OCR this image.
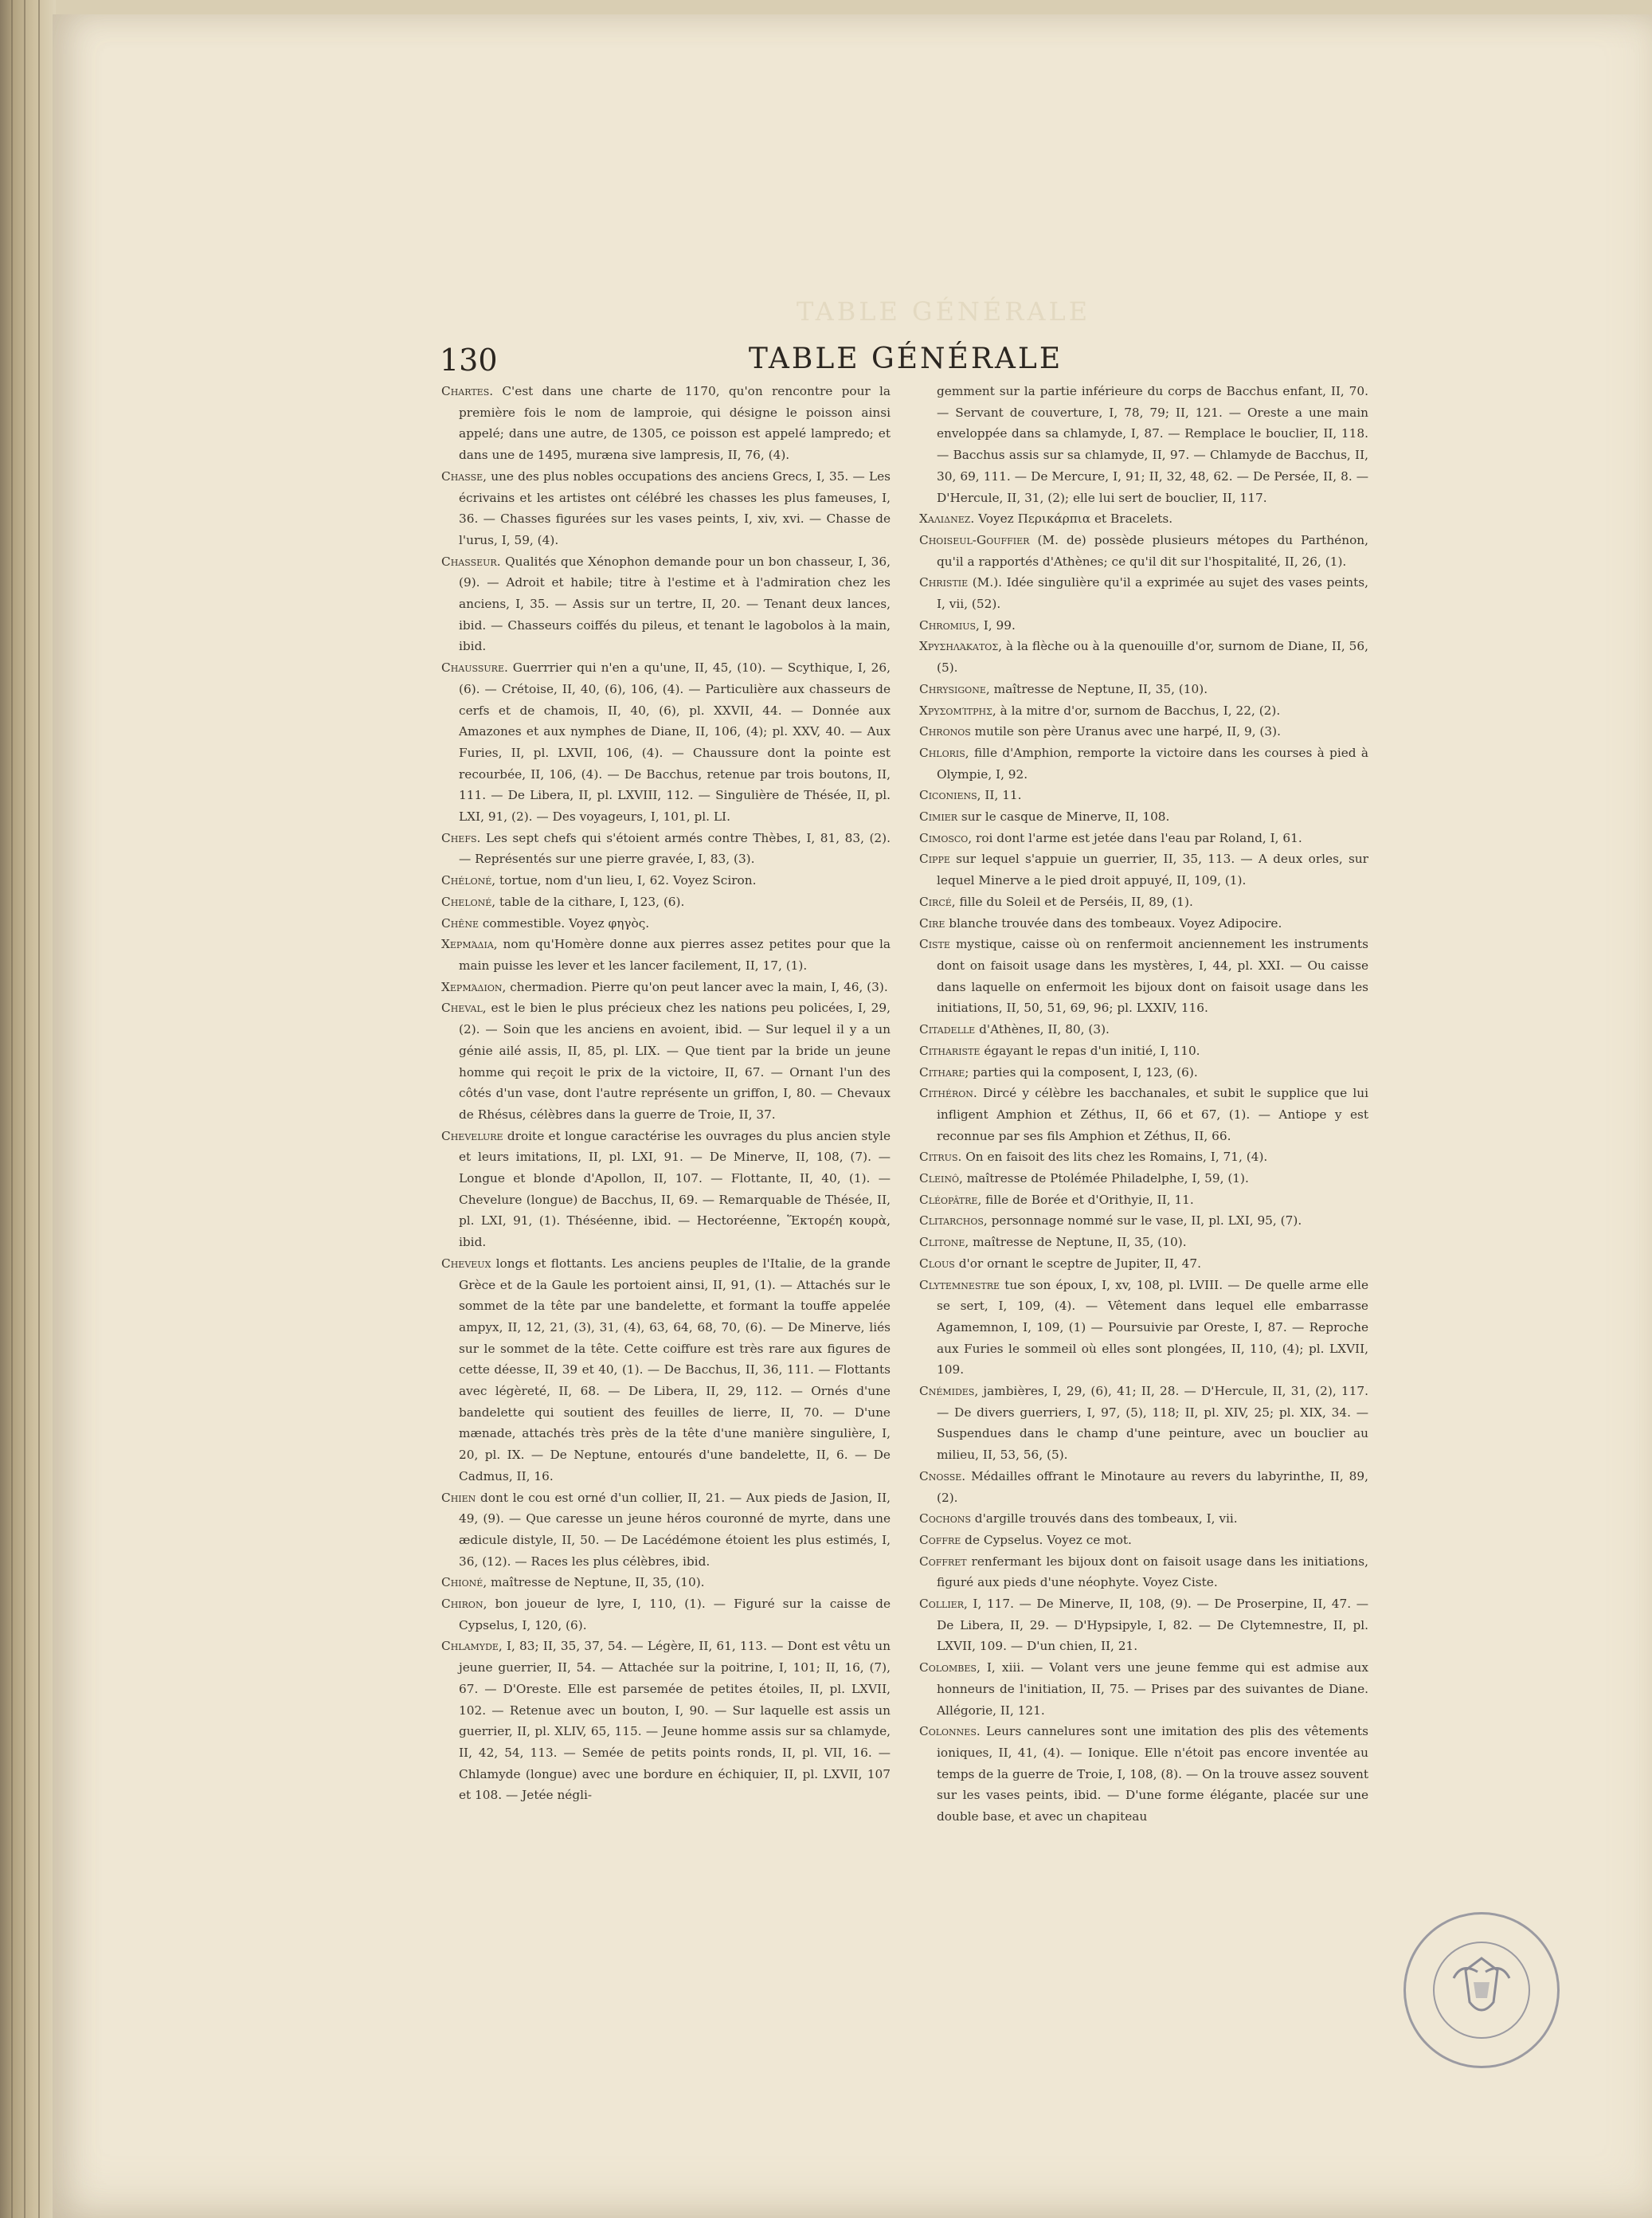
TABLE GÉNÉRALE
TABLE GÉNÉRALE
130

Chartes. C'est dans une charte de 1170, qu'on rencontre pour la première fois le nom de lamproie, qui désigne le poisson ainsi appelé; dans une autre, de 1305, ce poisson est appelé lampredo; et dans une de 1495, muræna sive lampresis, II, 76, (4).

Chasse, une des plus nobles occupations des anciens Grecs, I, 35. — Les écrivains et les artistes ont célébré les chasses les plus fameuses, I, 36. — Chasses figurées sur les vases peints, I, xiv, xvi. — Chasse de l'urus, I, 59, (4).

Chasseur. Qualités que Xénophon demande pour un bon chasseur, I, 36, (9). — Adroit et habile; titre à l'estime et à l'admiration chez les anciens, I, 35. — Assis sur un tertre, II, 20. — Tenant deux lances, ibid. — Chasseurs coiffés du pileus, et tenant le lagobolos à la main, ibid.

Chaussure. Guerrrier qui n'en a qu'une, II, 45, (10). — Scythique, I, 26, (6). — Crétoise, II, 40, (6), 106, (4). — Particulière aux chasseurs de cerfs et de chamois, II, 40, (6), pl. XXVII, 44. — Donnée aux Amazones et aux nymphes de Diane, II, 106, (4); pl. XXV, 40. — Aux Furies, II, pl. LXVII, 106, (4). — Chaussure dont la pointe est recourbée, II, 106, (4). — De Bacchus, retenue par trois boutons, II, 111. — De Libera, II, pl. LXVIII, 112. — Singulière de Thésée, II, pl. LXI, 91, (2). — Des voyageurs, I, 101, pl. LI.

Chefs. Les sept chefs qui s'étoient armés contre Thèbes, I, 81, 83, (2). — Représentés sur une pierre gravée, I, 83, (3).

Chéloné, tortue, nom d'un lieu, I, 62. Voyez Sciron.

Cheloné, table de la cithare, I, 123, (6).

Chêne commestible. Voyez φηγὸς.

Χερμάδια, nom qu'Homère donne aux pierres assez petites pour que la main puisse les lever et les lancer facilement, II, 17, (1).

Χερμάδιον, chermadion. Pierre qu'on peut lancer avec la main, I, 46, (3).

Cheval, est le bien le plus précieux chez les nations peu policées, I, 29, (2). — Soin que les anciens en avoient, ibid. — Sur lequel il y a un génie ailé assis, II, 85, pl. LIX. — Que tient par la bride un jeune homme qui reçoit le prix de la victoire, II, 67. — Ornant l'un des côtés d'un vase, dont l'autre représente un griffon, I, 80. — Chevaux de Rhésus, célèbres dans la guerre de Troie, II, 37.

Chevelure droite et longue caractérise les ouvrages du plus ancien style et leurs imitations, II, pl. LXI, 91. — De Minerve, II, 108, (7). — Longue et blonde d'Apollon, II, 107. — Flottante, II, 40, (1). — Chevelure (longue) de Bacchus, II, 69. — Remarquable de Thésée, II, pl. LXI, 91, (1). Théséenne, ibid. — Hectoréenne, Ἕκτορέη κουρὰ, ibid.

Cheveux longs et flottants. Les anciens peuples de l'Italie, de la grande Grèce et de la Gaule les portoient ainsi, II, 91, (1). — Attachés sur le sommet de la tête par une bandelette, et formant la touffe appelée ampyx, II, 12, 21, (3), 31, (4), 63, 64, 68, 70, (6). — De Minerve, liés sur le sommet de la tête. Cette coiffure est très rare aux figures de cette déesse, II, 39 et 40, (1). — De Bacchus, II, 36, 111. — Flottants avec légèreté, II, 68. — De Libera, II, 29, 112. — Ornés d'une bandelette qui soutient des feuilles de lierre, II, 70. — D'une mænade, attachés très près de la tête d'une manière singulière, I, 20, pl. IX. — De Neptune, entourés d'une bandelette, II, 6. — De Cadmus, II, 16.

Chien dont le cou est orné d'un collier, II, 21. — Aux pieds de Jasion, II, 49, (9). — Que caresse un jeune héros couronné de myrte, dans une ædicule distyle, II, 50. — De Lacédémone étoient les plus estimés, I, 36, (12). — Races les plus célèbres, ibid.

Chioné, maîtresse de Neptune, II, 35, (10).

Chiron, bon joueur de lyre, I, 110, (1). — Figuré sur la caisse de Cypselus, I, 120, (6).

Chlamyde, I, 83; II, 35, 37, 54. — Légère, II, 61, 113. — Dont est vêtu un jeune guerrier, II, 54. — Attachée sur la poitrine, I, 101; II, 16, (7), 67. — D'Oreste. Elle est parsemée de petites étoiles, II, pl. LXVII, 102. — Retenue avec un bouton, I, 90. — Sur laquelle est assis un guerrier, II, pl. XLIV, 65, 115. — Jeune homme assis sur sa chlamyde, II, 42, 54, 113. — Semée de petits points ronds, II, pl. VII, 16. — Chlamyde (longue) avec une bordure en échiquier, II, pl. LXVII, 107 et 108. — Jetée négli-

gemment sur la partie inférieure du corps de Bacchus enfant, II, 70. — Servant de couverture, I, 78, 79; II, 121. — Oreste a une main enveloppée dans sa chlamyde, I, 87. — Remplace le bouclier, II, 118. — Bacchus assis sur sa chlamyde, II, 97. — Chlamyde de Bacchus, II, 30, 69, 111. — De Mercure, I, 91; II, 32, 48, 62. — De Persée, II, 8. — D'Hercule, II, 31, (2); elle lui sert de bouclier, II, 117.

Χαλιδνεζ. Voyez Περικάρπια et Bracelets.

Choiseul-Gouffier (M. de) possède plusieurs métopes du Parthénon, qu'il a rapportés d'Athènes; ce qu'il dit sur l'hospitalité, II, 26, (1).

Christie (M.). Idée singulière qu'il a exprimée au sujet des vases peints, I, vii, (52).

Chromius, I, 99.

Χρυσηλάκατος, à la flèche ou à la quenouille d'or, surnom de Diane, II, 56, (5).

Chrysigone, maîtresse de Neptune, II, 35, (10).

Χρυσομίτρης, à la mitre d'or, surnom de Bacchus, I, 22, (2).

Chronos mutile son père Uranus avec une harpé, II, 9, (3).

Chloris, fille d'Amphion, remporte la victoire dans les courses à pied à Olympie, I, 92.

Ciconiens, II, 11.

Cimier sur le casque de Minerve, II, 108.

Cimosco, roi dont l'arme est jetée dans l'eau par Roland, I, 61.

Cippe sur lequel s'appuie un guerrier, II, 35, 113. — A deux orles, sur lequel Minerve a le pied droit appuyé, II, 109, (1).

Circé, fille du Soleil et de Perséis, II, 89, (1).

Cire blanche trouvée dans des tombeaux. Voyez Adipocire.

Ciste mystique, caisse où on renfermoit anciennement les instruments dont on faisoit usage dans les mystères, I, 44, pl. XXI. — Ou caisse dans laquelle on enfermoit les bijoux dont on faisoit usage dans les initiations, II, 50, 51, 69, 96; pl. LXXIV, 116.

Citadelle d'Athènes, II, 80, (3).

Citharistе égayant le repas d'un initié, I, 110.

Cithare; parties qui la composent, I, 123, (6).

Cithéron. Dircé y célèbre les bacchanales, et subit le supplice que lui infligent Amphion et Zéthus, II, 66 et 67, (1). — Antiope y est reconnue par ses fils Amphion et Zéthus, II, 66.

Citrus. On en faisoit des lits chez les Romains, I, 71, (4).

Cleinô, maîtresse de Ptolémée Philadelphe, I, 59, (1).

Cléopâtre, fille de Borée et d'Orithyie, II, 11.

Clitarchos, personnage nommé sur le vase, II, pl. LXI, 95, (7).

Clitone, maîtresse de Neptune, II, 35, (10).

Clous d'or ornant le sceptre de Jupiter, II, 47.

Clytemnestre tue son époux, I, xv, 108, pl. LVIII. — De quelle arme elle se sert, I, 109, (4). — Vêtement dans lequel elle embarrasse Agamemnon, I, 109, (1) — Poursuivie par Oreste, I, 87. — Reproche aux Furies le sommeil où elles sont plongées, II, 110, (4); pl. LXVII, 109.

Cnémides, jambières, I, 29, (6), 41; II, 28. — D'Hercule, II, 31, (2), 117. — De divers guerriers, I, 97, (5), 118; II, pl. XIV, 25; pl. XIX, 34. — Suspendues dans le champ d'une peinture, avec un bouclier au milieu, II, 53, 56, (5).

Cnosse. Médailles offrant le Minotaure au revers du labyrinthe, II, 89, (2).

Cochons d'argille trouvés dans des tombeaux, I, vii.

Coffre de Cypselus. Voyez ce mot.

Coffret renfermant les bijoux dont on faisoit usage dans les initiations, figuré aux pieds d'une néophyte. Voyez Ciste.

Collier, I, 117. — De Minerve, II, 108, (9). — De Proserpine, II, 47. — De Libera, II, 29. — D'Hypsipyle, I, 82. — De Clytemnestre, II, pl. LXVII, 109. — D'un chien, II, 21.

Colombes, I, xiii. — Volant vers une jeune femme qui est admise aux honneurs de l'initiation, II, 75. — Prises par des suivantes de Diane. Allégorie, II, 121.

Colonnes. Leurs cannelures sont une imitation des plis des vêtements ioniques, II, 41, (4). — Ionique. Elle n'étoit pas encore inventée au temps de la guerre de Troie, I, 108, (8). — On la trouve assez souvent sur les vases peints, ibid. — D'une forme élégante, placée sur une double base, et avec un chapiteau
